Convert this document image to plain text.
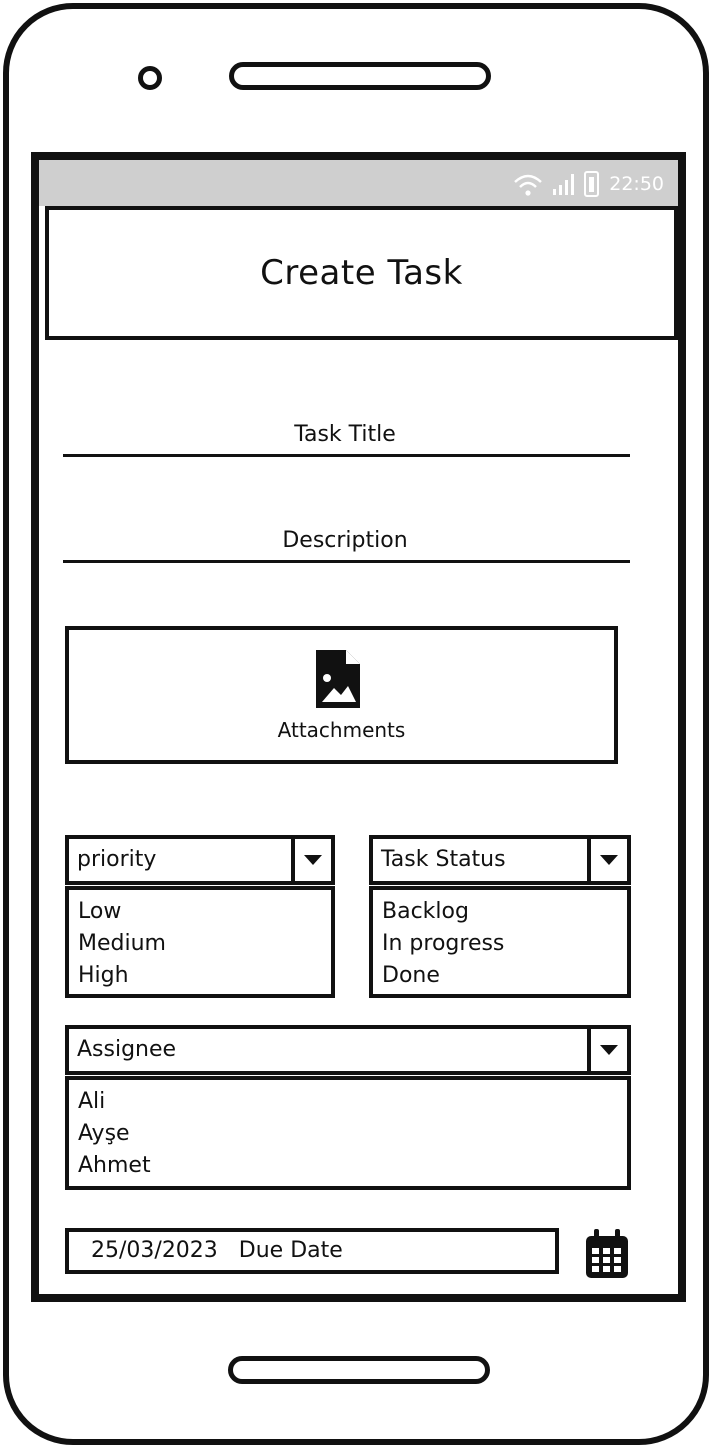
22:50
Create Task
Task Title
Description
Attachments
priority
Low
Medium
High
Task Status
Backlog
In progress
Done
Assignee
Ali
Ayşe
Ahmet
25/03/2023 Due Date
